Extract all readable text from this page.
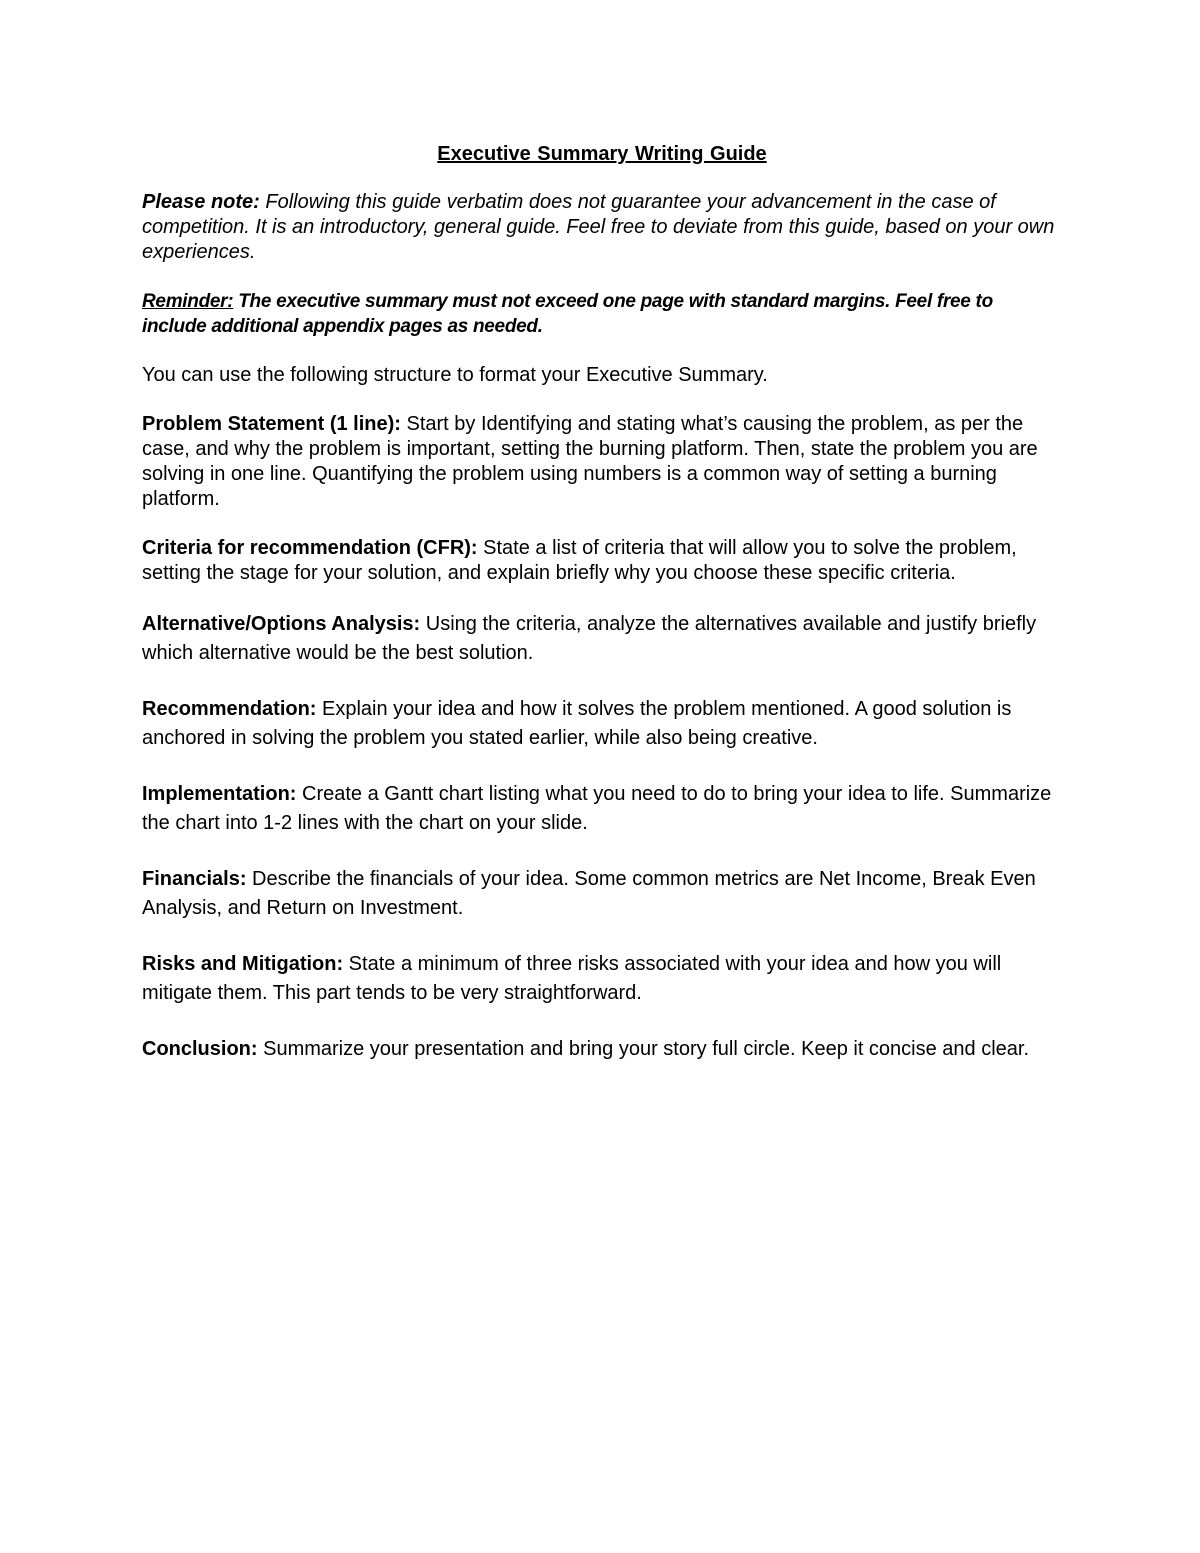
Executive Summary Writing Guide

Please note: Following this guide verbatim does not guarantee your advancement in the case of competition. It is an introductory, general guide. Feel free to deviate from this guide, based on your own experiences.

Reminder: The executive summary must not exceed one page with standard margins. Feel free to include additional appendix pages as needed.

You can use the following structure to format your Executive Summary.

Problem Statement (1 line): Start by Identifying and stating what’s causing the problem, as per the case, and why the problem is important, setting the burning platform. Then, state the problem you are solving in one line. Quantifying the problem using numbers is a common way of setting a burning platform.

Criteria for recommendation (CFR): State a list of criteria that will allow you to solve the problem, setting the stage for your solution, and explain briefly why you choose these specific criteria.

Alternative/Options Analysis: Using the criteria, analyze the alternatives available and justify briefly which alternative would be the best solution.

Recommendation: Explain your idea and how it solves the problem mentioned. A good solution is anchored in solving the problem you stated earlier, while also being creative.

Implementation: Create a Gantt chart listing what you need to do to bring your idea to life. Summarize the chart into 1-2 lines with the chart on your slide.

Financials: Describe the financials of your idea. Some common metrics are Net Income, Break Even Analysis, and Return on Investment.

Risks and Mitigation: State a minimum of three risks associated with your idea and how you will mitigate them. This part tends to be very straightforward.

Conclusion: Summarize your presentation and bring your story full circle. Keep it concise and clear.
